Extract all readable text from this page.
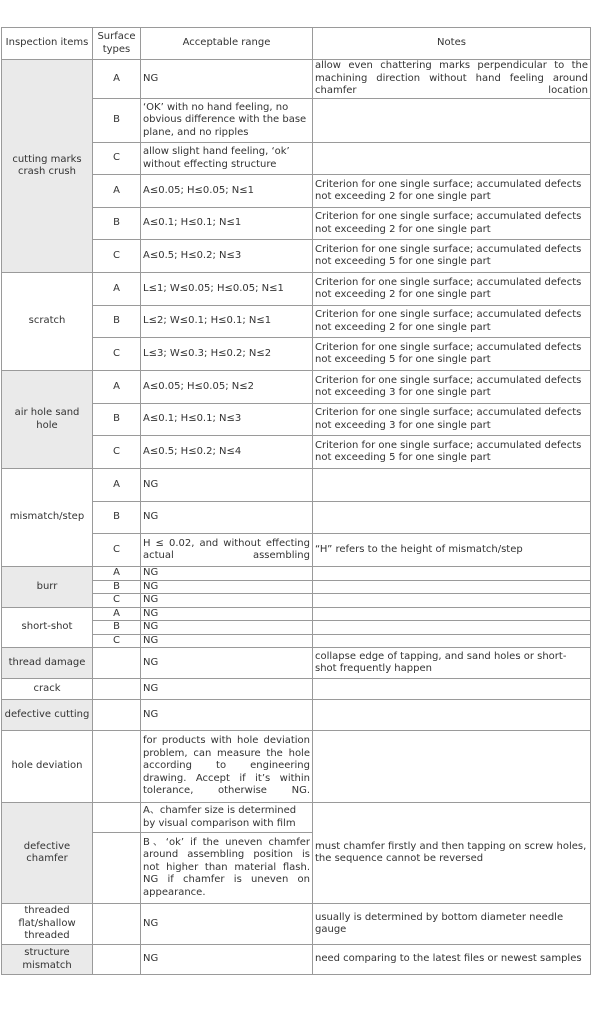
Inspection items	Surface types	Acceptable range	Notes
cutting marks crash crush	A	NG	allow even chattering marks perpendicular to the machining direction without hand feeling around chamfer location
	B	‘OK’ with no hand feeling, no obvious difference with the base plane, and no ripples	
	C	allow slight hand feeling, ‘ok’ without effecting structure	
	A	A≤0.05; H≤0.05; N≤1	Criterion for one single surface; accumulated defects not exceeding 2 for one single part
	B	A≤0.1; H≤0.1; N≤1	Criterion for one single surface; accumulated defects not exceeding 2 for one single part
	C	A≤0.5; H≤0.2; N≤3	Criterion for one single surface; accumulated defects not exceeding 5 for one single part
scratch	A	L≤1; W≤0.05; H≤0.05; N≤1	Criterion for one single surface; accumulated defects not exceeding 2 for one single part
	B	L≤2; W≤0.1; H≤0.1; N≤1	Criterion for one single surface; accumulated defects not exceeding 2 for one single part
	C	L≤3; W≤0.3; H≤0.2; N≤2	Criterion for one single surface; accumulated defects not exceeding 5 for one single part
air hole sand hole	A	A≤0.05; H≤0.05; N≤2	Criterion for one single surface; accumulated defects not exceeding 3 for one single part
	B	A≤0.1; H≤0.1; N≤3	Criterion for one single surface; accumulated defects not exceeding 3 for one single part
	C	A≤0.5; H≤0.2; N≤4	Criterion for one single surface; accumulated defects not exceeding 5 for one single part
mismatch/step	A	NG	
	B	NG	
	C	H ≤ 0.02, and without effecting actual assembling	“H” refers to the height of mismatch/step
burr	A	NG	
	B	NG	
	C	NG	
short-shot	A	NG	
	B	NG	
	C	NG	
thread damage		NG	collapse edge of tapping, and sand holes or short-shot frequently happen
crack		NG	
defective cutting		NG	
hole deviation		for products with hole deviation problem, can measure the hole according to engineering drawing. Accept if it’s within tolerance, otherwise NG.	
defective chamfer		A、chamfer size is determined by visual comparison with film	must chamfer firstly and then tapping on screw holes, the sequence cannot be reversed
		B、‘ok’ if the uneven chamfer around assembling position is not higher than material flash. NG if chamfer is uneven on appearance.	
threaded flat/shallow threaded		NG	usually is determined by bottom diameter needle gauge
structure mismatch		NG	need comparing to the latest files or newest samples
